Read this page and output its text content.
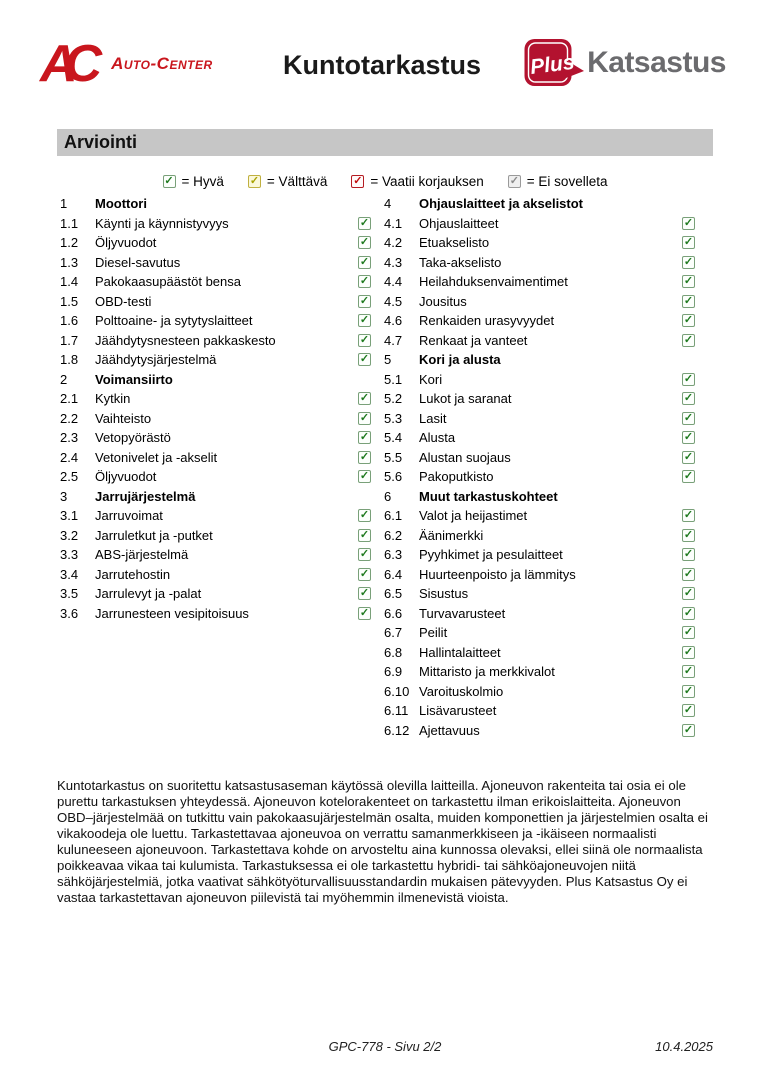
AC	Auto-Center	Kuntotarkastus	Plus Katsastus
Arviointi
✓ = Hyvä ✓ = Välttävä ✓ = Vaatii korjauksen ✓ = Ei sovelleta
1	Moottori
1.1	Käynti ja käynnistyvyys	✓
1.2	Öljyvuodot	✓
1.3	Diesel-savutus	✓
1.4	Pakokaasupäästöt bensa	✓
1.5	OBD-testi	✓
1.6	Polttoaine- ja sytytyslaitteet	✓
1.7	Jäähdytysnesteen pakkaskesto	✓
1.8	Jäähdytysjärjestelmä	✓
2	Voimansiirto
2.1	Kytkin	✓
2.2	Vaihteisto	✓
2.3	Vetopyörästö	✓
2.4	Vetonivelet ja -akselit	✓
2.5	Öljyvuodot	✓
3	Jarrujärjestelmä
3.1	Jarruvoimat	✓
3.2	Jarruletkut ja -putket	✓
3.3	ABS-järjestelmä	✓
3.4	Jarrutehostin	✓
3.5	Jarrulevyt ja -palat	✓
3.6	Jarrunesteen vesipitoisuus	✓
4	Ohjauslaitteet ja akselistot
4.1	Ohjauslaitteet	✓
4.2	Etuakselisto	✓
4.3	Taka-akselisto	✓
4.4	Heilahduksenvaimentimet	✓
4.5	Jousitus	✓
4.6	Renkaiden urasyvyydet	✓
4.7	Renkaat ja vanteet	✓
5	Kori ja alusta
5.1	Kori	✓
5.2	Lukot ja saranat	✓
5.3	Lasit	✓
5.4	Alusta	✓
5.5	Alustan suojaus	✓
5.6	Pakoputkisto	✓
6	Muut tarkastuskohteet
6.1	Valot ja heijastimet	✓
6.2	Äänimerkki	✓
6.3	Pyyhkimet ja pesulaitteet	✓
6.4	Huurteenpoisto ja lämmitys	✓
6.5	Sisustus	✓
6.6	Turvavarusteet	✓
6.7	Peilit	✓
6.8	Hallintalaitteet	✓
6.9	Mittaristo ja merkkivalot	✓
6.10 Varoituskolmio	✓
6.11 Lisävarusteet	✓
6.12 Ajettavuus	✓

Kuntotarkastus on suoritettu katsastusaseman käytössä olevilla laitteilla. Ajoneuvon rakenteita tai osia ei ole purettu tarkastuksen yhteydessä. Ajoneuvon kotelorakenteet on tarkastettu ilman erikoislaitteita. Ajoneuvon OBD–järjestelmää on tutkittu vain pakokaasujärjestelmän osalta, muiden komponettien ja järjestelmien osalta ei vikakoodeja ole luettu. Tarkastettavaa ajoneuvoa on verrattu samanmerkkiseen ja -ikäiseen normaalisti kuluneeseen ajoneuvoon. Tarkastettava kohde on arvosteltu aina kunnossa olevaksi, ellei siinä ole normaalista poikkeavaa vikaa tai kulumista. Tarkastuksessa ei ole tarkastettu hybridi- tai sähköajoneuvojen niitä sähköjärjestelmiä, jotka vaativat sähkötyöturvallisuusstandardin mukaisen pätevyyden. Plus Katsastus Oy ei vastaa tarkastettavan ajoneuvon piilevistä tai myöhemmin ilmenevistä vioista.

GPC-778 - Sivu 2/2	10.4.2025
